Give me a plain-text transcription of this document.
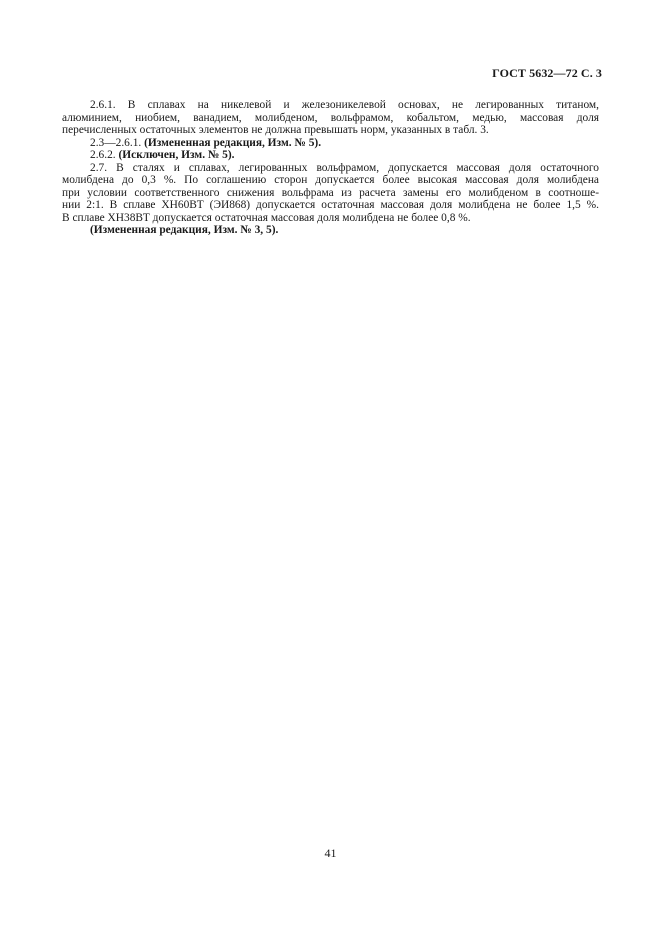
ГОСТ 5632—72 С. 3

2.6.1. В сплавах на никелевой и железоникелевой основах, не легированных титаном,
алюминием, ниобием, ванадием, молибденом, вольфрамом, кобальтом, медью, массовая доля
перечисленных остаточных элементов не должна превышать норм, указанных в табл. 3.

2.3—2.6.1. (Измененная редакция, Изм. № 5).

2.6.2. (Исключен, Изм. № 5).

2.7. В сталях и сплавах, легированных вольфрамом, допускается массовая доля остаточного
молибдена до 0,3 %. По соглашению сторон допускается более высокая массовая доля молибдена
при условии соответственного снижения вольфрама из расчета замены его молибденом в соотноше-
нии 2:1. В сплаве ХН60ВТ (ЭИ868) допускается остаточная массовая доля молибдена не более 1,5 %.
В сплаве ХН38ВТ допускается остаточная массовая доля молибдена не более 0,8 %.

(Измененная редакция, Изм. № 3, 5).

41
